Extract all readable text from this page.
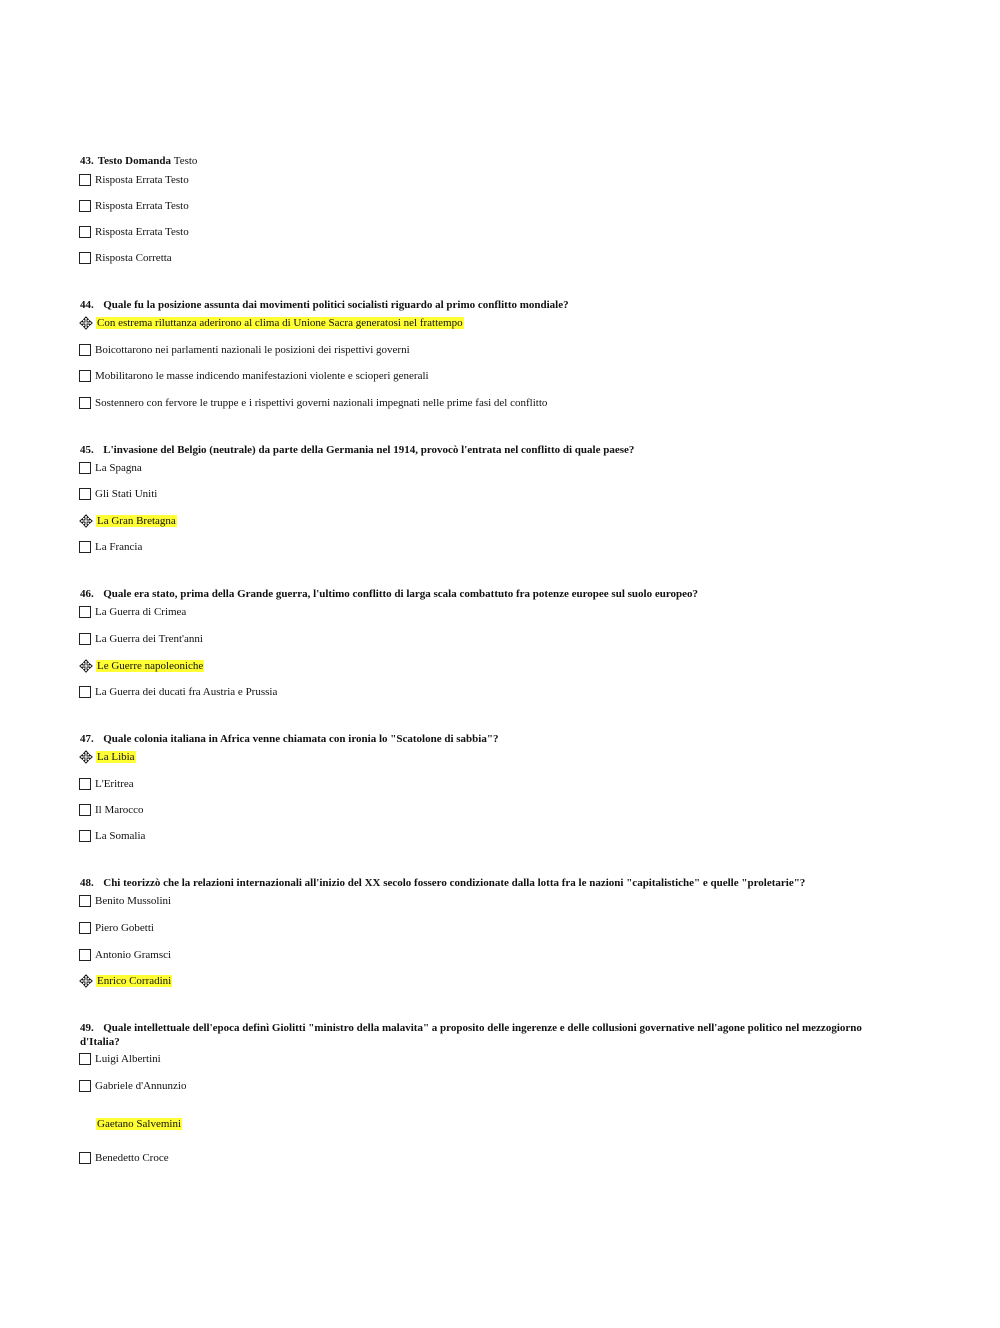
43. Testo Domanda Testo
Risposta Errata Testo
Risposta Errata Testo
Risposta Errata Testo
Risposta Corretta
44. Quale fu la posizione assunta dai movimenti politici socialisti riguardo al primo conflitto mondiale?
Con estrema riluttanza aderirono al clima di Unione Sacra generatosi nel frattempo
Boicottarono nei parlamenti nazionali le posizioni dei rispettivi governi
Mobilitarono le masse indicendo manifestazioni violente e scioperi generali
Sostennero con fervore le truppe e i rispettivi governi nazionali impegnati nelle prime fasi del conflitto
45. L'invasione del Belgio (neutrale) da parte della Germania nel 1914, provocò l'entrata nel conflitto di quale paese?
La Spagna
Gli Stati Uniti
La Gran Bretagna
La Francia
46. Quale era stato, prima della Grande guerra, l'ultimo conflitto di larga scala combattuto fra potenze europee sul suolo europeo?
La Guerra di Crimea
La Guerra dei Trent'anni
Le Guerre napoleoniche
La Guerra dei ducati fra Austria e Prussia
47. Quale colonia italiana in Africa venne chiamata con ironia lo "Scatolone di sabbia"?
La Libia
L'Eritrea
Il Marocco
La Somalia
48. Chi teorizzò che la relazioni internazionali all'inizio del XX secolo fossero condizionate dalla lotta fra le nazioni "capitalistiche" e quelle "proletarie"?
Benito Mussolini
Piero Gobetti
Antonio Gramsci
Enrico Corradini
49. Quale intellettuale dell'epoca definì Giolitti "ministro della malavita" a proposito delle ingerenze e delle collusioni governative nell'agone politico nel mezzogiorno d'Italia?
Luigi Albertini
Gabriele d'Annunzio
Gaetano Salvemini
Benedetto Croce
